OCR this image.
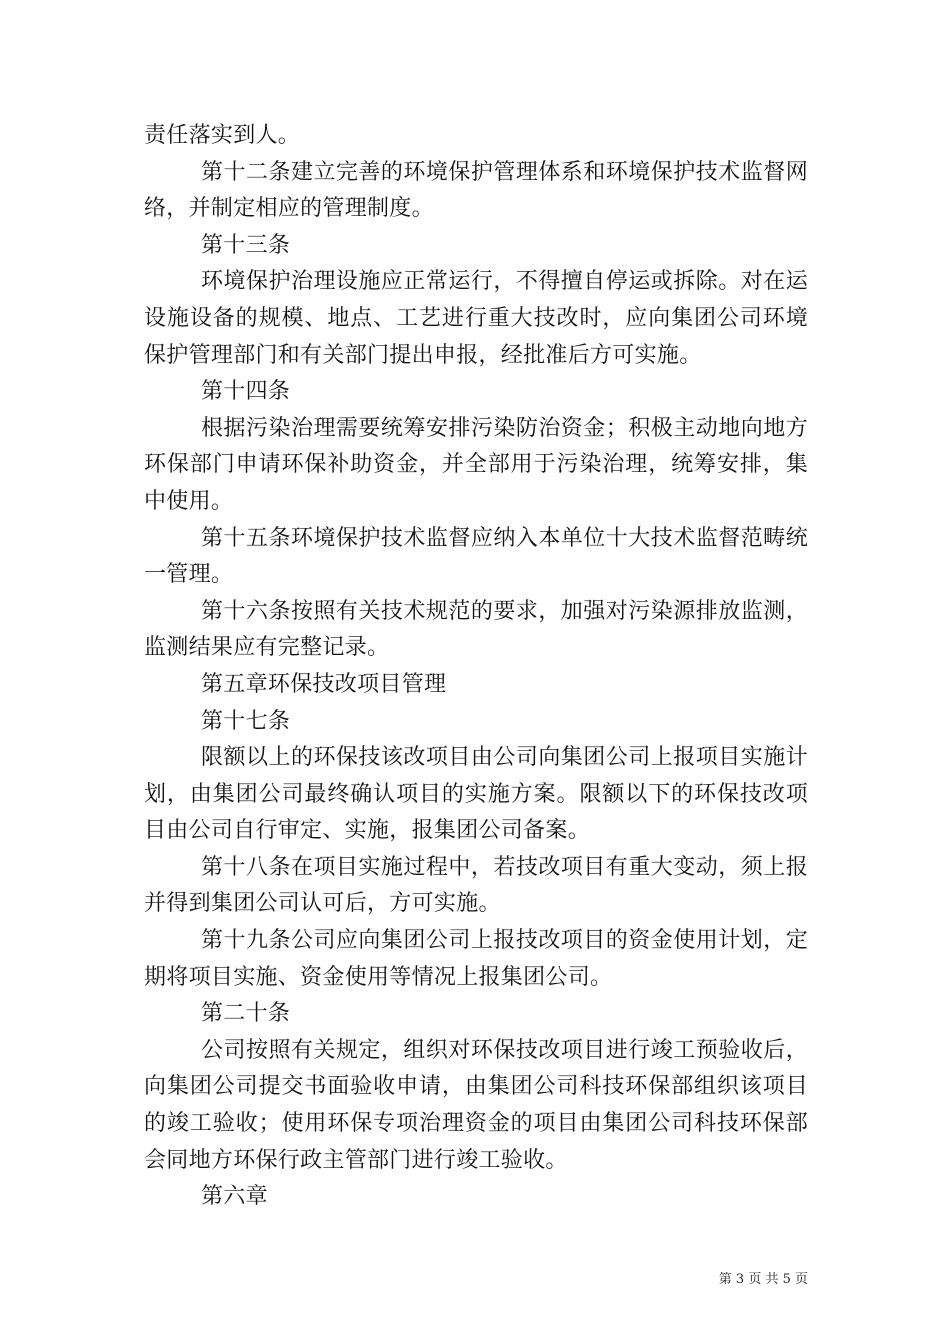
责任落实到人。

第十二条建立完善的环境保护管理体系和环境保护技术监督网络，并制定相应的管理制度。

第十三条

环境保护治理设施应正常运行，不得擅自停运或拆除。对在运设施设备的规模、地点、工艺进行重大技改时，应向集团公司环境保护管理部门和有关部门提出申报，经批准后方可实施。

第十四条

根据污染治理需要统筹安排污染防治资金；积极主动地向地方环保部门申请环保补助资金，并全部用于污染治理，统筹安排，集中使用。

第十五条环境保护技术监督应纳入本单位十大技术监督范畴统一管理。

第十六条按照有关技术规范的要求，加强对污染源排放监测，监测结果应有完整记录。

第五章环保技改项目管理

第十七条

限额以上的环保技该改项目由公司向集团公司上报项目实施计划，由集团公司最终确认项目的实施方案。限额以下的环保技改项目由公司自行审定、实施，报集团公司备案。

第十八条在项目实施过程中，若技改项目有重大变动，须上报并得到集团公司认可后，方可实施。

第十九条公司应向集团公司上报技改项目的资金使用计划，定期将项目实施、资金使用等情况上报集团公司。

第二十条

公司按照有关规定，组织对环保技改项目进行竣工预验收后，向集团公司提交书面验收申请，由集团公司科技环保部组织该项目的竣工验收；使用环保专项治理资金的项目由集团公司科技环保部会同地方环保行政主管部门进行竣工验收。

第六章

第 3 页 共 5 页
